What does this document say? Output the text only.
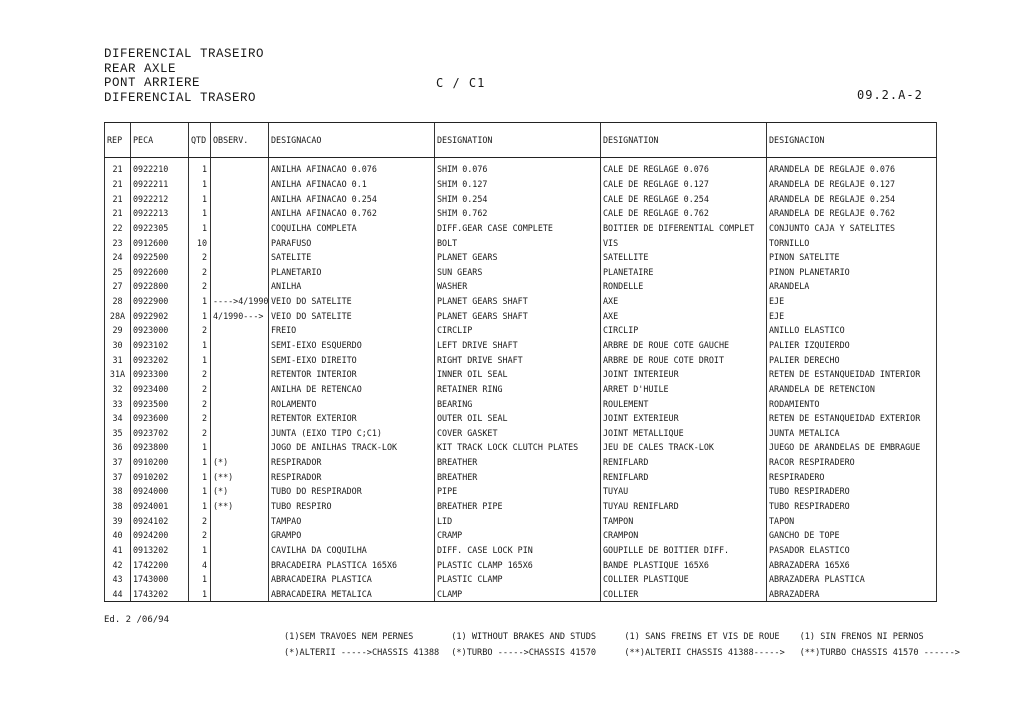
DIFERENCIAL TRASEIRO
REAR AXLE
PONT ARRIERE
DIFERENCIAL TRASERO
C / C1
09.2.A-2
REP	PECA	QTD	OBSERV.	DESIGNACAO	DESIGNATION	DESIGNATION	DESIGNACION
21	0922210	1		ANILHA AFINACAO 0.076	SHIM 0.076	CALE DE REGLAGE 0.076	ARANDELA DE REGLAJE 0.076
21	0922211	1		ANILHA AFINACAO 0.1	SHIM 0.127	CALE DE REGLAGE 0.127	ARANDELA DE REGLAJE 0.127
21	0922212	1		ANILHA AFINACAO 0.254	SHIM 0.254	CALE DE REGLAGE 0.254	ARANDELA DE REGLAJE 0.254
21	0922213	1		ANILHA AFINACAO 0.762	SHIM 0.762	CALE DE REGLAGE 0.762	ARANDELA DE REGLAJE 0.762
22	0922305	1		COQUILHA COMPLETA	DIFF.GEAR CASE COMPLETE	BOITIER DE DIFERENTIAL COMPLET	CONJUNTO CAJA Y SATELITES
23	0912600	10		PARAFUSO	BOLT	VIS	TORNILLO
24	0922500	2		SATELITE	PLANET GEARS	SATELLITE	PINON SATELITE
25	0922600	2		PLANETARIO	SUN GEARS	PLANETAIRE	PINON PLANETARIO
27	0922800	2		ANILHA	WASHER	RONDELLE	ARANDELA
28	0922900	1	---->4/1990	VEIO DO SATELITE	PLANET GEARS SHAFT	AXE	EJE
28A	0922902	1	4/1990--->	VEIO DO SATELITE	PLANET GEARS SHAFT	AXE	EJE
29	0923000	2		FREIO	CIRCLIP	CIRCLIP	ANILLO ELASTICO
30	0923102	1		SEMI-EIXO ESQUERDO	LEFT DRIVE SHAFT	ARBRE DE ROUE COTE GAUCHE	PALIER IZQUIERDO
31	0923202	1		SEMI-EIXO DIREITO	RIGHT DRIVE SHAFT	ARBRE DE ROUE COTE DROIT	PALIER DERECHO
31A	0923300	2		RETENTOR INTERIOR	INNER OIL SEAL	JOINT INTERIEUR	RETEN DE ESTANQUEIDAD INTERIOR
32	0923400	2		ANILHA DE RETENCAO	RETAINER RING	ARRET D'HUILE	ARANDELA DE RETENCION
33	0923500	2		ROLAMENTO	BEARING	ROULEMENT	RODAMIENTO
34	0923600	2		RETENTOR EXTERIOR	OUTER OIL SEAL	JOINT EXTERIEUR	RETEN DE ESTANQUEIDAD EXTERIOR
35	0923702	2		JUNTA (EIXO TIPO C;C1)	COVER GASKET	JOINT METALLIQUE	JUNTA METALICA
36	0923800	1		JOGO DE ANILHAS TRACK-LOK	KIT TRACK LOCK CLUTCH PLATES	JEU DE CALES TRACK-LOK	JUEGO DE ARANDELAS DE EMBRAGUE
37	0910200	1	(*)	RESPIRADOR	BREATHER	RENIFLARD	RACOR RESPIRADERO
37	0910202	1	(**)	RESPIRADOR	BREATHER	RENIFLARD	RESPIRADERO
38	0924000	1	(*)	TUBO DO RESPIRADOR	PIPE	TUYAU	TUBO RESPIRADERO
38	0924001	1	(**)	TUBO RESPIRO	BREATHER PIPE	TUYAU RENIFLARD	TUBO RESPIRADERO
39	0924102	2		TAMPAO	LID	TAMPON	TAPON
40	0924200	2		GRAMPO	CRAMP	CRAMPON	GANCHO DE TOPE
41	0913202	1		CAVILHA DA COQUILHA	DIFF. CASE LOCK PIN	GOUPILLE DE BOITIER DIFF.	PASADOR ELASTICO
42	1742200	4		BRACADEIRA PLASTICA 165X6	PLASTIC CLAMP 165X6	BANDE PLASTIQUE 165X6	ABRAZADERA 165X6
43	1743000	1		ABRACADEIRA PLASTICA	PLASTIC CLAMP	COLLIER PLASTIQUE	ABRAZADERA PLASTICA
44	1743202	1		ABRACADEIRA METALICA	CLAMP	COLLIER	ABRAZADERA
Ed. 2 /06/94
(1)SEM TRAVOES NEM PERNES	(1) WITHOUT BRAKES AND STUDS	(1) SANS FREINS ET VIS DE ROUE (1) SIN FRENOS NI PERNOS
(*)ALTERII ----->CHASSIS 41388 (*)TURBO ----->CHASSIS 41570	(**)ALTERII CHASSIS 41388-----> (**)TURBO CHASSIS 41570 ------>
